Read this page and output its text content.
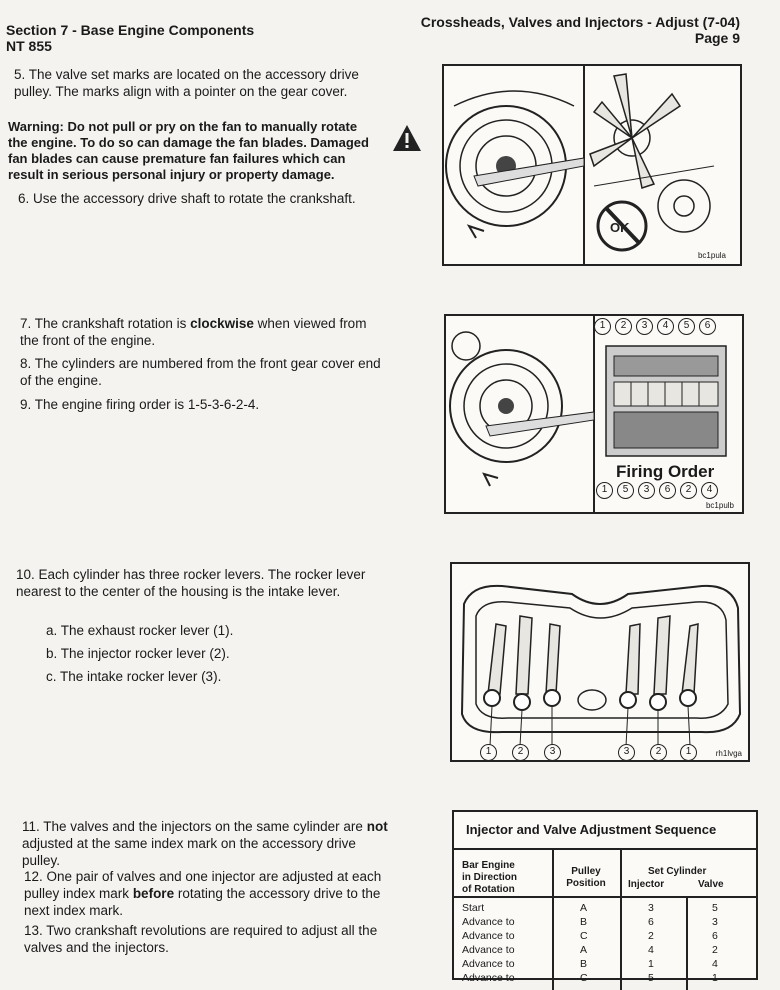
Section 7 - Base Engine Components
NT 855
Crossheads, Valves and Injectors - Adjust (7-04)
Page 9
5. The valve set marks are located on the accessory drive pulley. The marks align with a pointer on the gear cover.
Warning: Do not pull or pry on the fan to manually rotate the engine. To do so can damage the fan blades. Damaged fan blades can cause premature fan failures which can result in serious personal injury or property damage.
6. Use the accessory drive shaft to rotate the crankshaft.
OK
bc1pula
7. The crankshaft rotation is clockwise when viewed from the front of the engine.
8. The cylinders are numbered from the front gear cover end of the engine.
9. The engine firing order is 1-5-3-6-2-4.
1	2	3	4	5	6
Firing Order
1	5	3	6	2	4
bc1pulb
10. Each cylinder has three rocker levers. The rocker lever nearest to the center of the housing is the intake lever.
a. The exhaust rocker lever (1).
b. The injector rocker lever (2).
c. The intake rocker lever (3).
1	2	3	3	2	1	rh1lvga
11. The valves and the injectors on the same cylinder are not adjusted at the same index mark on the accessory drive pulley.
12. One pair of valves and one injector are adjusted at each pulley index mark before rotating the accessory drive to the next index mark.
13. Two crankshaft revolutions are required to adjust all the valves and the injectors.
Injector and Valve Adjustment Sequence
Bar Engine
in Direction
of Rotation
Pulley
Position
Set Cylinder
Injector	Valve
Start	A	3	5
Advance to	B	6	3
Advance to	C	2	6
Advance to	A	4	2
Advance to	B	1	4
Advance to	C	5	1
